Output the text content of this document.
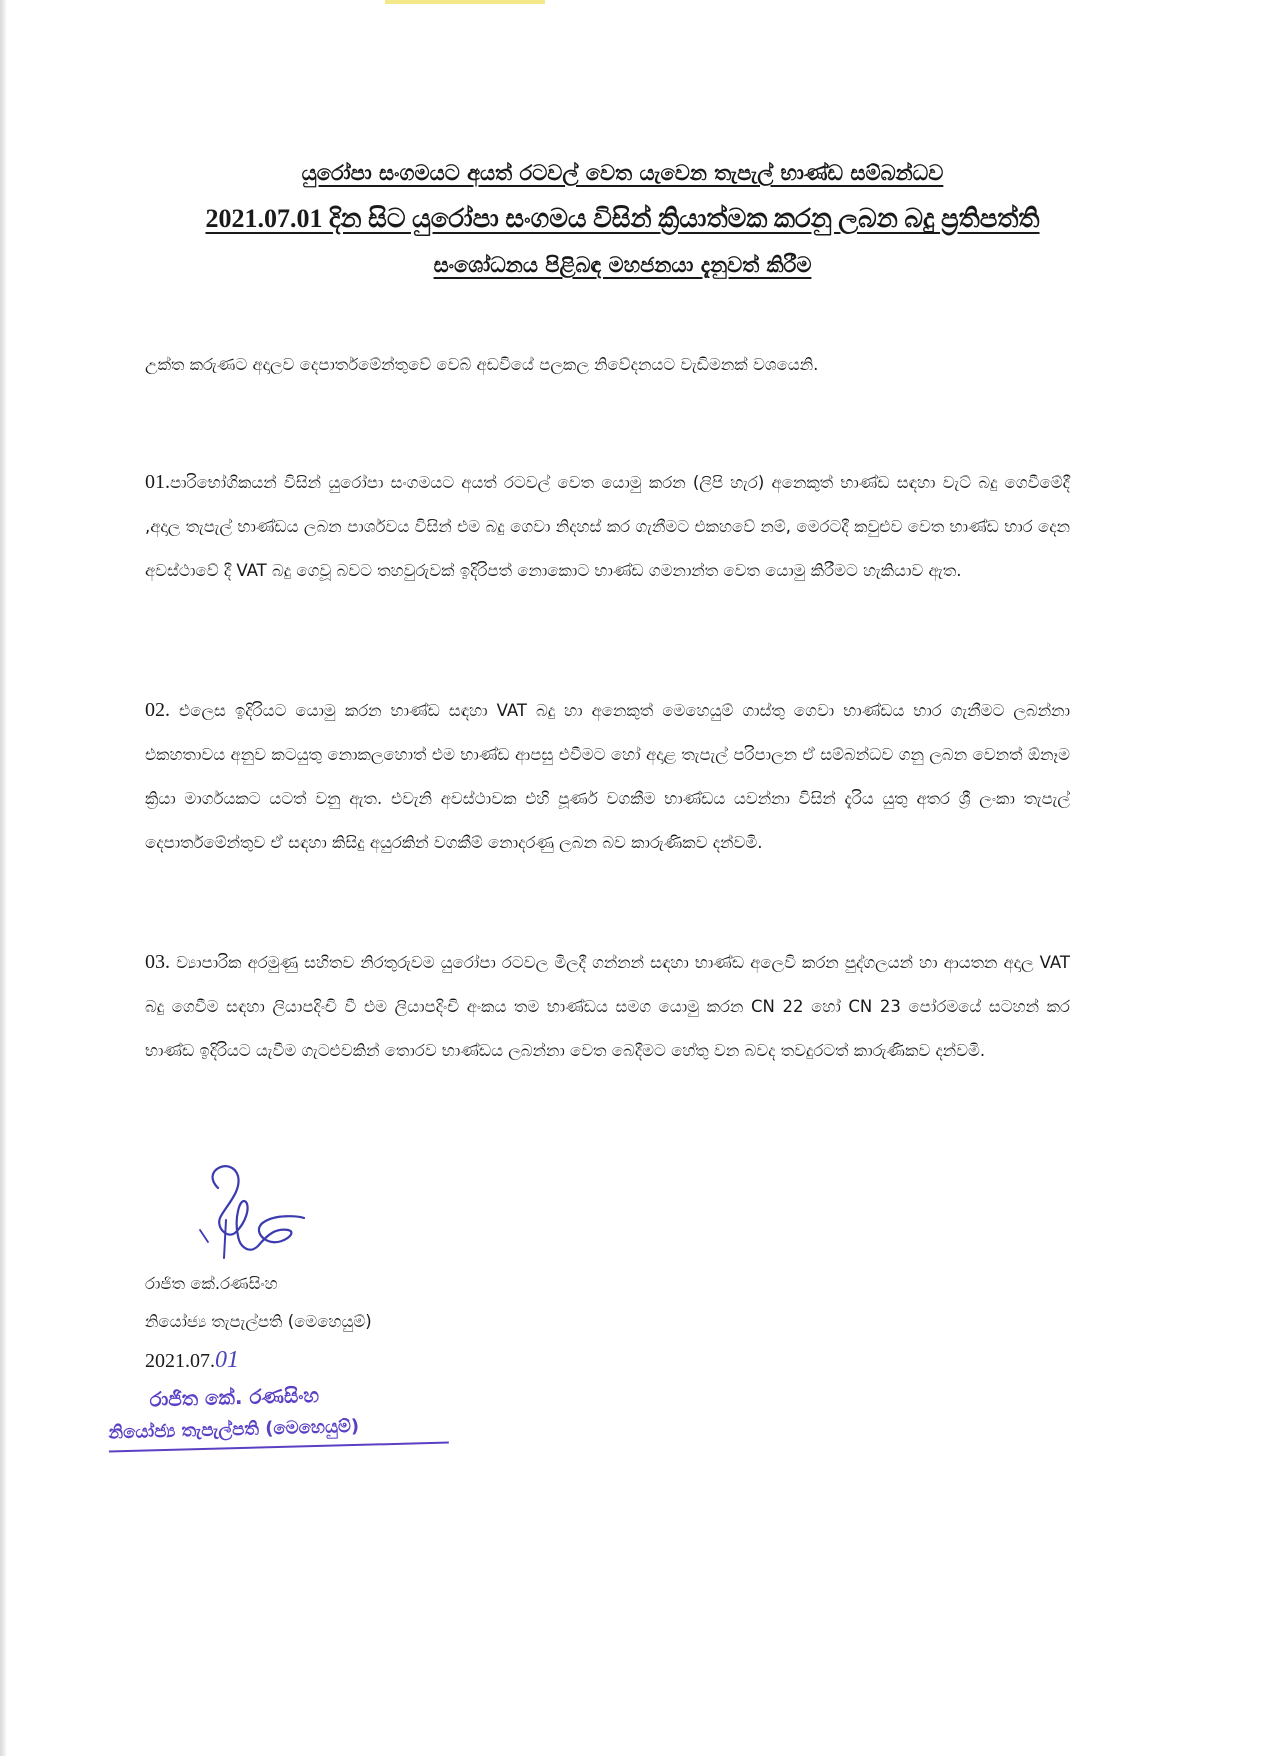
යුරෝපා සංගමයට අයත් රටවල් වෙත යැවෙන තැපැල් භාණ්ඩ සම්බන්ධව
2021.07.01 දින සිට යුරෝපා සංගමය විසින් ක්‍රියාත්මක කරනු ලබන බදු ප්‍රතිපත්ති
සංශෝධනය පිළිබඳ මහජනයා දැනුවත් කිරීම

උක්ත කරුණට අදාලව දෙපාර්තමේන්තුවේ වෙබ් අඩවියේ පලකල නිවේදනයට වැඩිමනක් වශයෙනි.

01.පාරිභෝගිකයන් විසින් යුරෝපා සංගමයට අයත් රටවල් වෙත යොමු කරන (ලිපි හැර) අනෙකුත් භාණ්ඩ සඳහා වැට් බදු ගෙවීමේදී ,අදාල තැපැල් භාණ්ඩය ලබන පාර්ශවය විසින් එම බදු ගෙවා නිදහස් කර ගැනීමට එකහවේ නම්, මෙරටදී කවුළුව වෙත භාණ්ඩ භාර දෙන අවස්ථාවේ දී VAT බදු ගෙවූ බවට තහවුරුවක් ඉදිරිපත් නොකොට භාණ්ඩ ගමනාන්ත වෙත යොමු කිරීමට හැකියාව ඇත.

02. එලෙස ඉදිරියට යොමු කරන භාණ්ඩ සඳහා VAT බදු හා අනෙකුත් මෙහෙයුම් ගාස්තු ගෙවා භාණ්ඩය භාර ගැනීමට ලබන්නා එකහතාවය අනුව කටයුතු නොකලහොත් එම භාණ්ඩ ආපසු එවීමට හෝ අදාළ තැපැල් පරිපාලන ඒ සම්බන්ධව ගනු ලබන වෙනත් ඕනෑම ක්‍රියා මාර්ගයකට යටත් වනු ඇත. එවැනි අවස්ථාවක එහි පූර්ණ වගකීම භාණ්ඩය යවන්නා විසින් දැරිය යුතු අතර ශ්‍රී ලංකා තැපැල් දෙපාර්තමේන්තුව ඒ සඳහා කිසිදු අයුරකින් වගකීම් නොදරණු ලබන බව කාරුණිකව දන්වමි.

03. ව්‍යාපාරික අරමුණු සහිතව නිරතුරුවම යුරෝපා රටවල මිලදී ගන්නන් සඳහා භාණ්ඩ අලෙවි කරන පුද්ගලයන් හා ආයතන අදාල VAT බදු ගෙවීම සඳහා ලියාපදිංචි වී එම ලියාපදිංචි අංකය තම භාණ්ඩය සමග යොමු කරන CN 22 හෝ CN 23 පෝරමයේ සටහන් කර භාණ්ඩ ඉදිරියට යැවීම ගැටළුවකින් තොරව භාණ්ඩය ලබන්නා වෙත බෙදීමට හේතු වන බවද තවදුරටත් කාරුණිකව දන්වමි.

රාජිත කේ.රණසිංහ
නියෝජ්‍ය තැපැල්පති (මෙහෙයුම්)
2021.07.01
රාජිත කේ. රණසිංහ
නියෝජ්‍ය තැපැල්පති (මෙහෙයුම්)
